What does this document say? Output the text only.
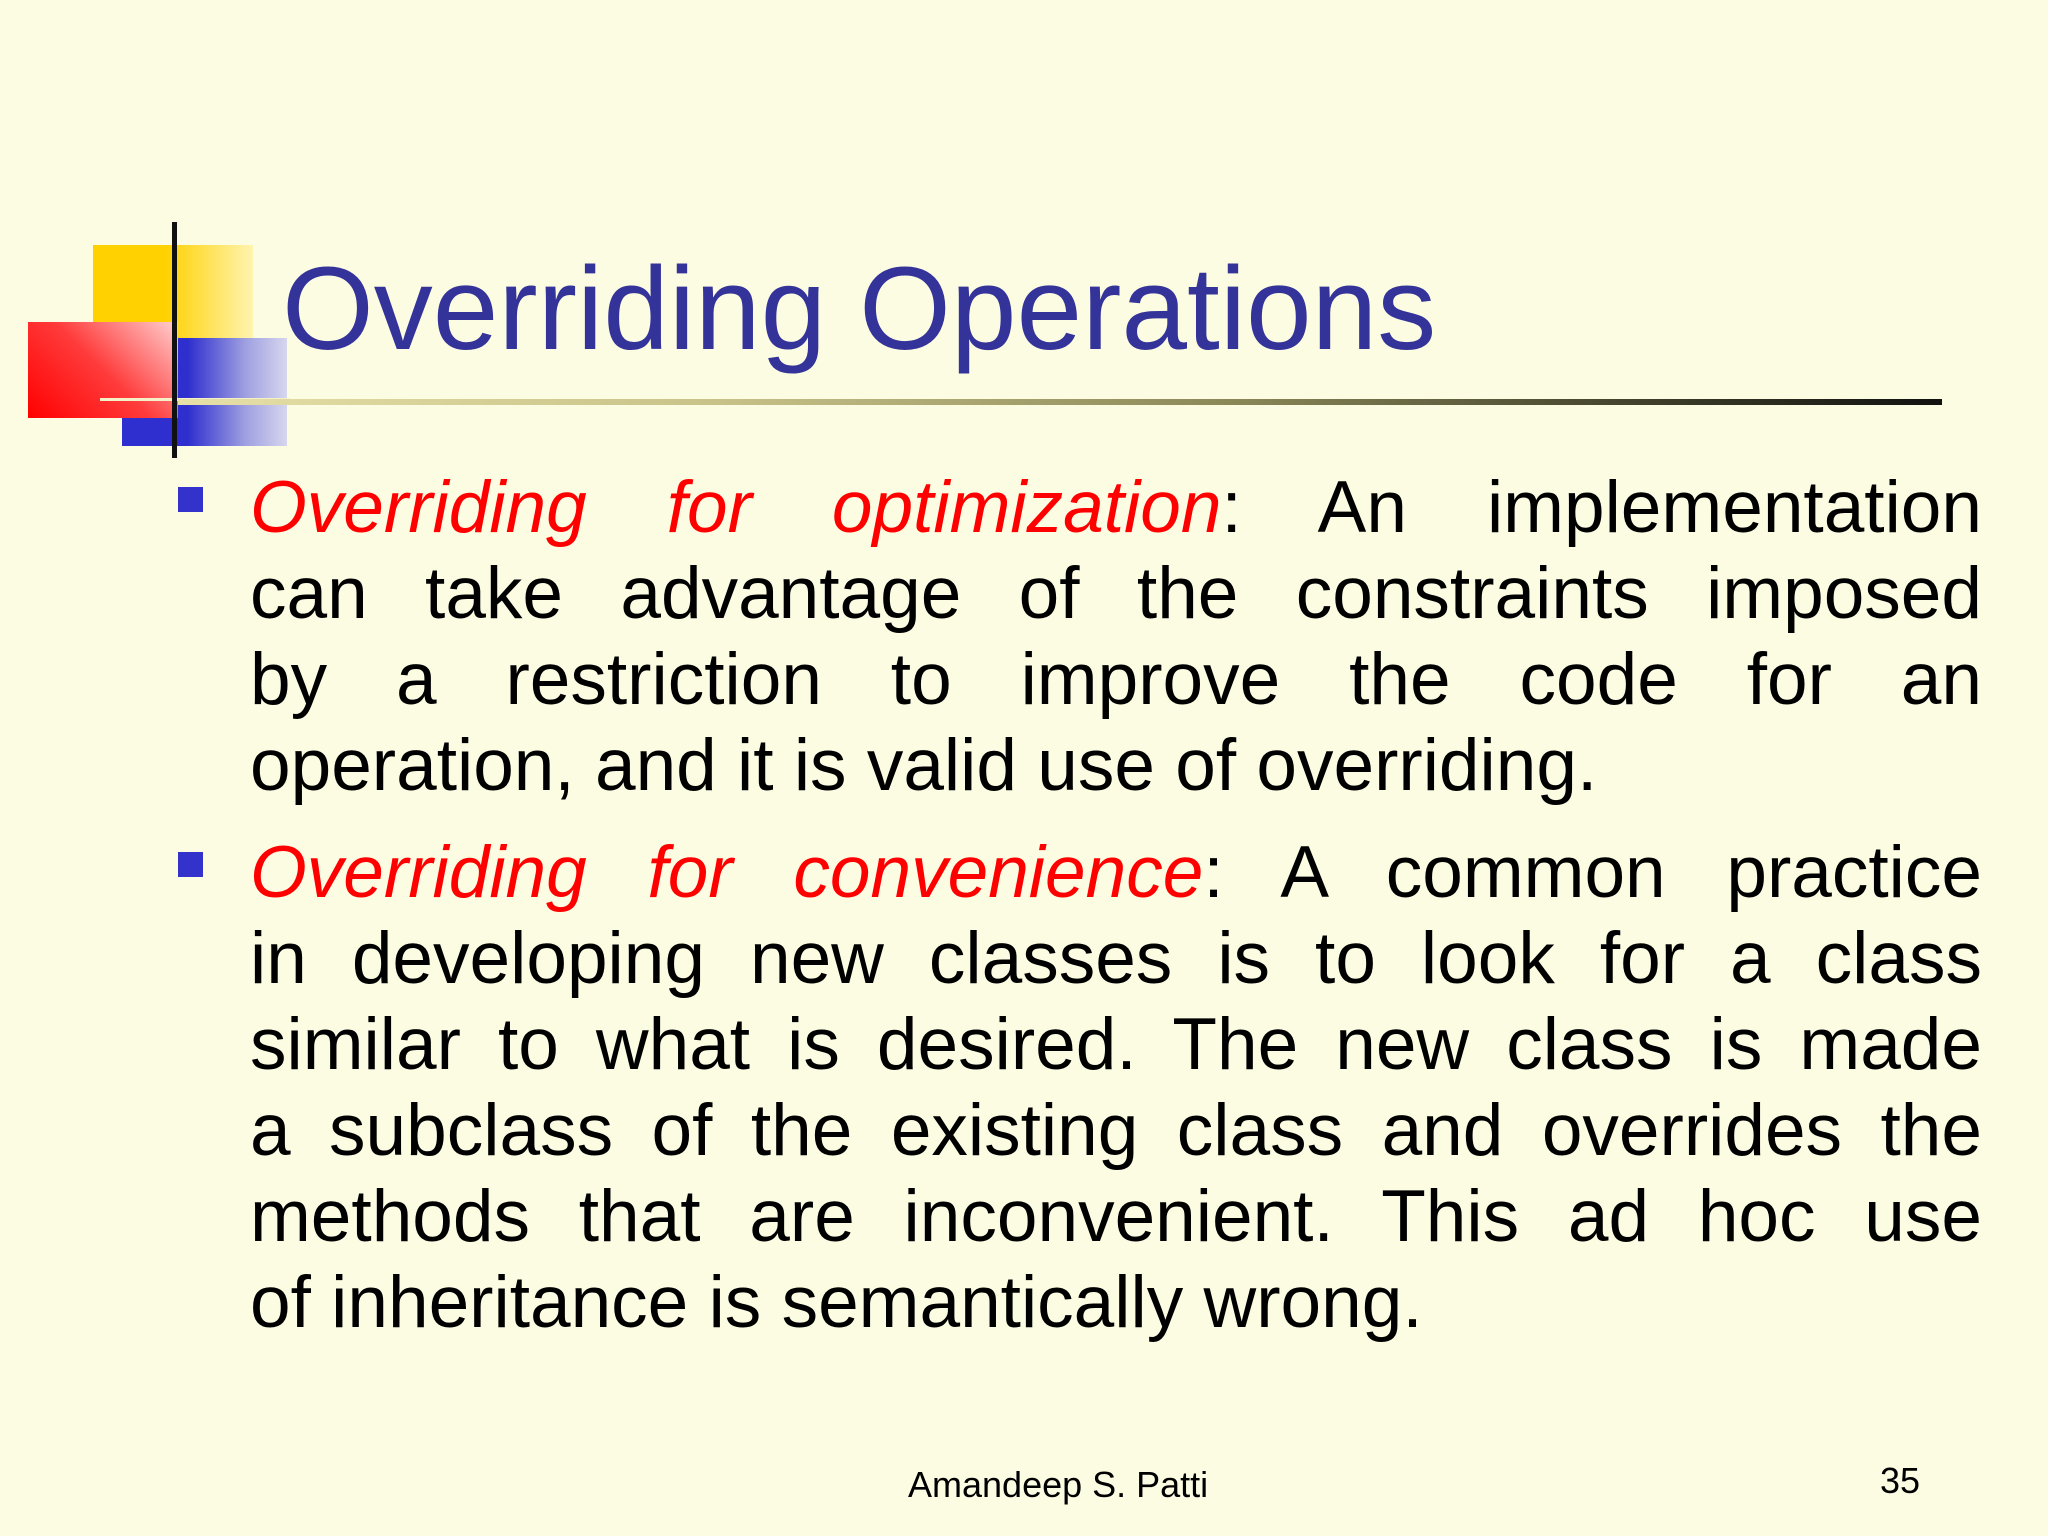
Overriding Operations
Overriding for optimization: An implementation
can take advantage of the constraints imposed
by a restriction to improve the code for an
operation, and it is valid use of overriding.
Overriding for convenience: A common practice
in developing new classes is to look for a class
similar to what is desired. The new class is made
a subclass of the existing class and overrides the
methods that are inconvenient. This ad hoc use
of inheritance is semantically wrong.
Amandeep S. Patti	35
